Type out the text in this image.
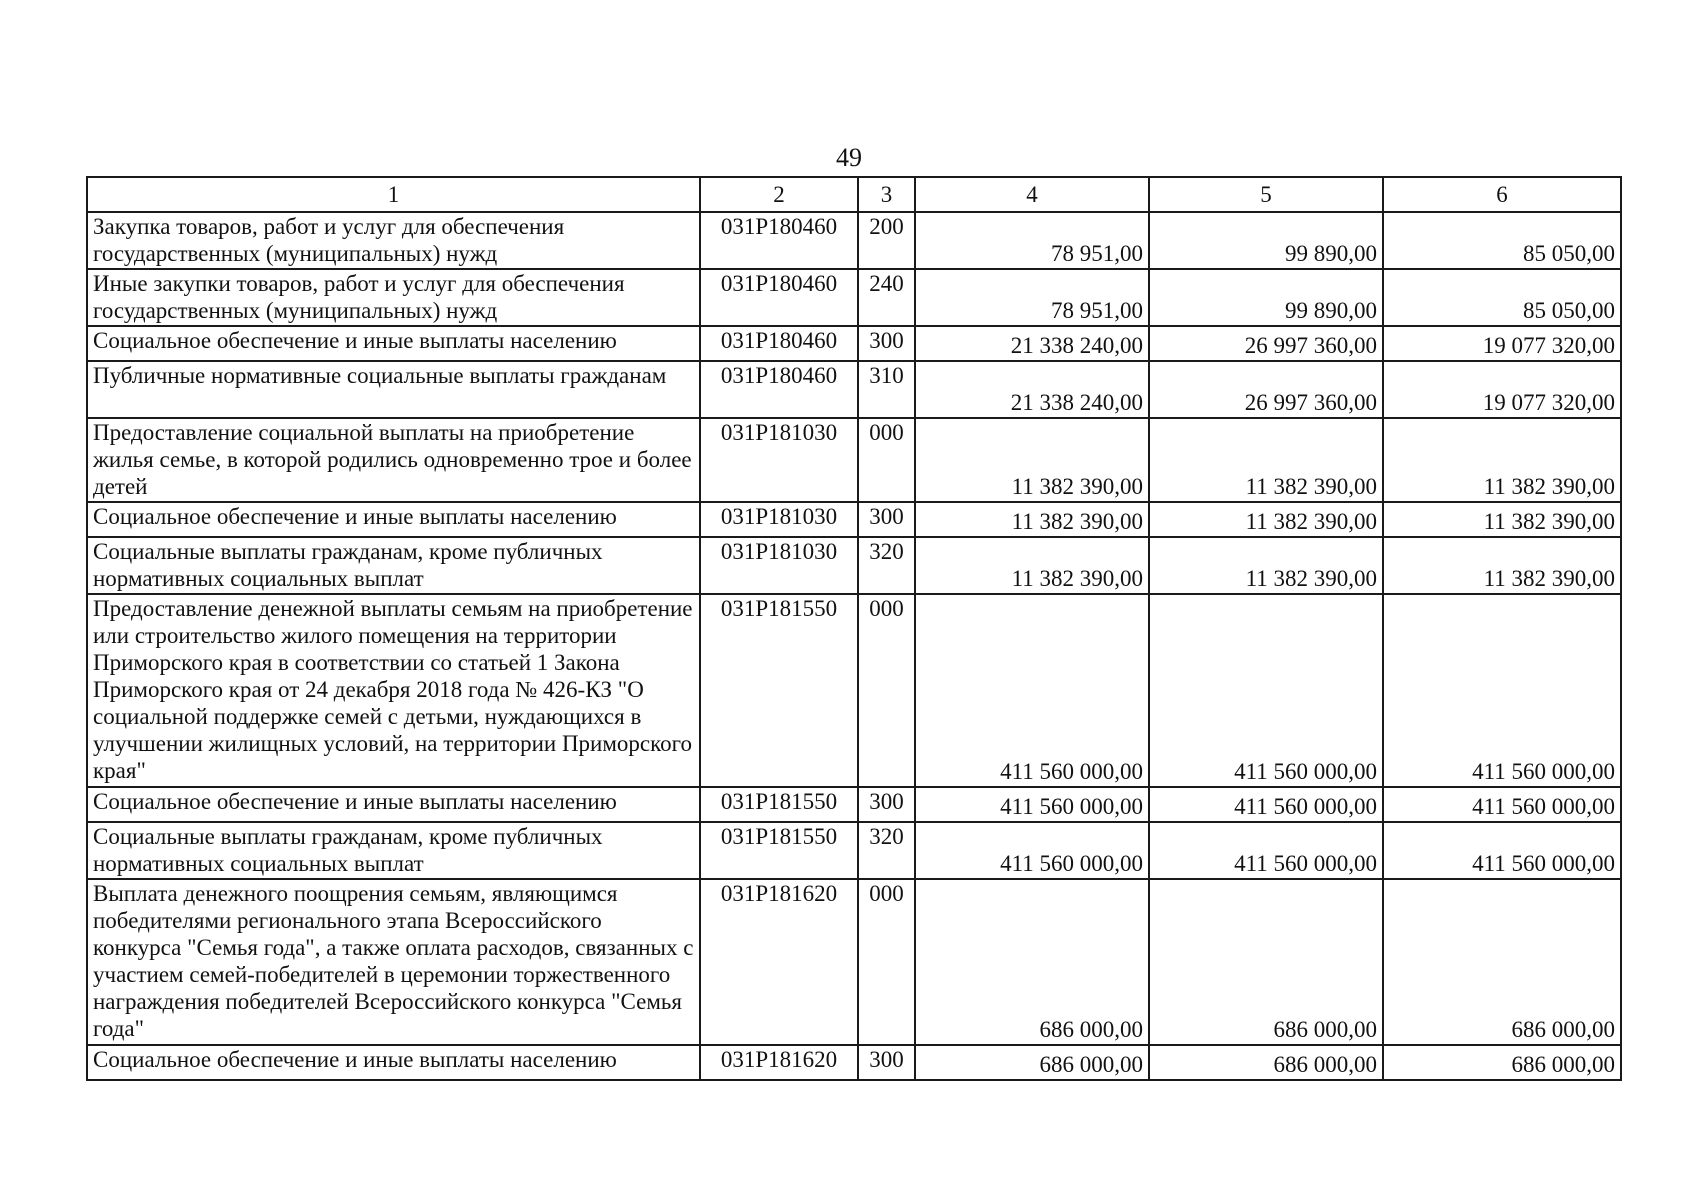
49
1	2	3	4	5	6
Закупка товаров, работ и услуг для обеспечения государственных (муниципальных) нужд	031P180460	200	78 951,00	99 890,00	85 050,00
Иные закупки товаров, работ и услуг для обеспечения государственных (муниципальных) нужд	031P180460	240	78 951,00	99 890,00	85 050,00
Социальное обеспечение и иные выплаты населению	031P180460	300	21 338 240,00	26 997 360,00	19 077 320,00
Публичные нормативные социальные выплаты гражданам	031P180460	310	21 338 240,00	26 997 360,00	19 077 320,00
Предоставление социальной выплаты на приобретение жилья семье, в которой родились одновременно трое и более детей	031P181030	000	11 382 390,00	11 382 390,00	11 382 390,00
Социальное обеспечение и иные выплаты населению	031P181030	300	11 382 390,00	11 382 390,00	11 382 390,00
Социальные выплаты гражданам, кроме публичных нормативных социальных выплат	031P181030	320	11 382 390,00	11 382 390,00	11 382 390,00
Предоставление денежной выплаты семьям на приобретение или строительство жилого помещения на территории Приморского края в соответствии со статьей 1 Закона Приморского края от 24 декабря 2018 года № 426-КЗ "О социальной поддержке семей с детьми, нуждающихся в улучшении жилищных условий, на территории Приморского края"	031P181550	000	411 560 000,00	411 560 000,00	411 560 000,00
Социальное обеспечение и иные выплаты населению	031P181550	300	411 560 000,00	411 560 000,00	411 560 000,00
Социальные выплаты гражданам, кроме публичных нормативных социальных выплат	031P181550	320	411 560 000,00	411 560 000,00	411 560 000,00
Выплата денежного поощрения семьям, являющимся победителями регионального этапа Всероссийского конкурса "Семья года", а также оплата расходов, связанных с участием семей-победителей в церемонии торжественного награждения победителей Всероссийского конкурса "Семья года"	031P181620	000	686 000,00	686 000,00	686 000,00
Социальное обеспечение и иные выплаты населению	031P181620	300	686 000,00	686 000,00	686 000,00
